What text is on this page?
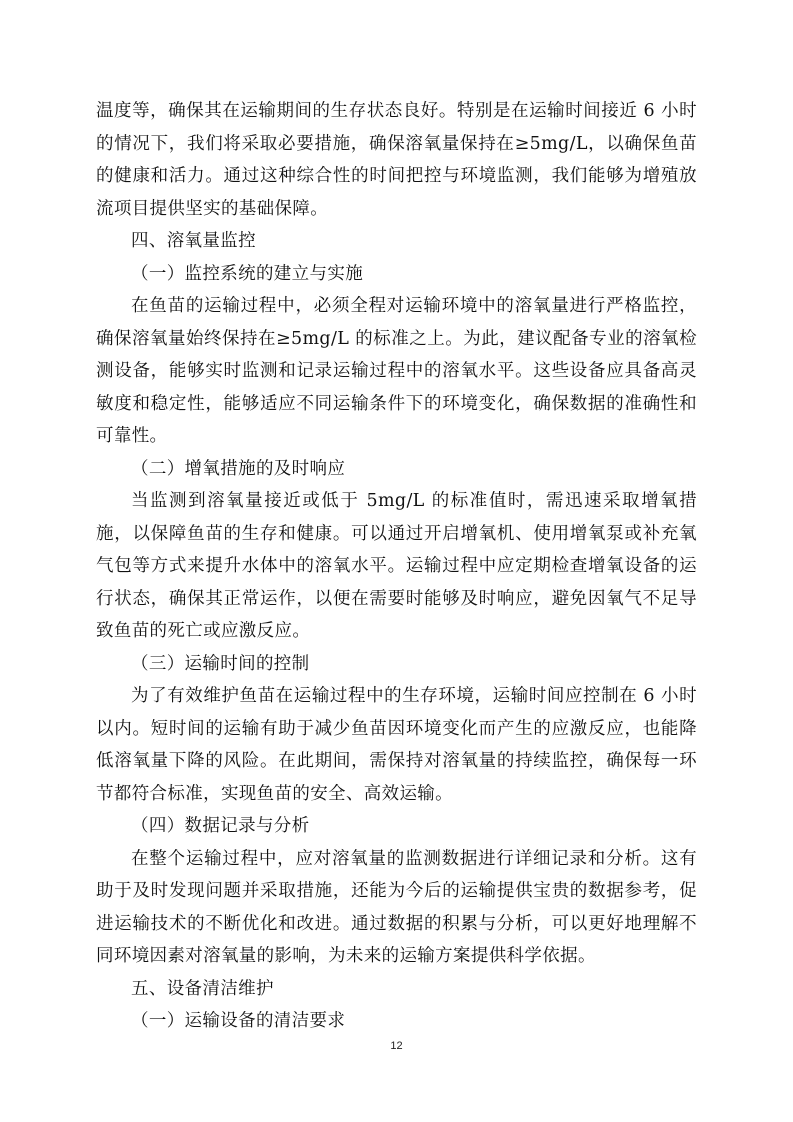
温度等，确保其在运输期间的生存状态良好。特别是在运输时间接近 6 小时的情况下，我们将采取必要措施，确保溶氧量保持在≥5mg/L，以确保鱼苗的健康和活力。通过这种综合性的时间把控与环境监测，我们能够为增殖放流项目提供坚实的基础保障。

四、溶氧量监控

（一）监控系统的建立与实施

在鱼苗的运输过程中，必须全程对运输环境中的溶氧量进行严格监控，确保溶氧量始终保持在≥5mg/L 的标准之上。为此，建议配备专业的溶氧检测设备，能够实时监测和记录运输过程中的溶氧水平。这些设备应具备高灵敏度和稳定性，能够适应不同运输条件下的环境变化，确保数据的准确性和可靠性。

（二）增氧措施的及时响应

当监测到溶氧量接近或低于 5mg/L 的标准值时，需迅速采取增氧措施，以保障鱼苗的生存和健康。可以通过开启增氧机、使用增氧泵或补充氧气包等方式来提升水体中的溶氧水平。运输过程中应定期检查增氧设备的运行状态，确保其正常运作，以便在需要时能够及时响应，避免因氧气不足导致鱼苗的死亡或应激反应。

（三）运输时间的控制

为了有效维护鱼苗在运输过程中的生存环境，运输时间应控制在 6 小时以内。短时间的运输有助于减少鱼苗因环境变化而产生的应激反应，也能降低溶氧量下降的风险。在此期间，需保持对溶氧量的持续监控，确保每一环节都符合标准，实现鱼苗的安全、高效运输。

（四）数据记录与分析

在整个运输过程中，应对溶氧量的监测数据进行详细记录和分析。这有助于及时发现问题并采取措施，还能为今后的运输提供宝贵的数据参考，促进运输技术的不断优化和改进。通过数据的积累与分析，可以更好地理解不同环境因素对溶氧量的影响，为未来的运输方案提供科学依据。

五、设备清洁维护

（一）运输设备的清洁要求

12
